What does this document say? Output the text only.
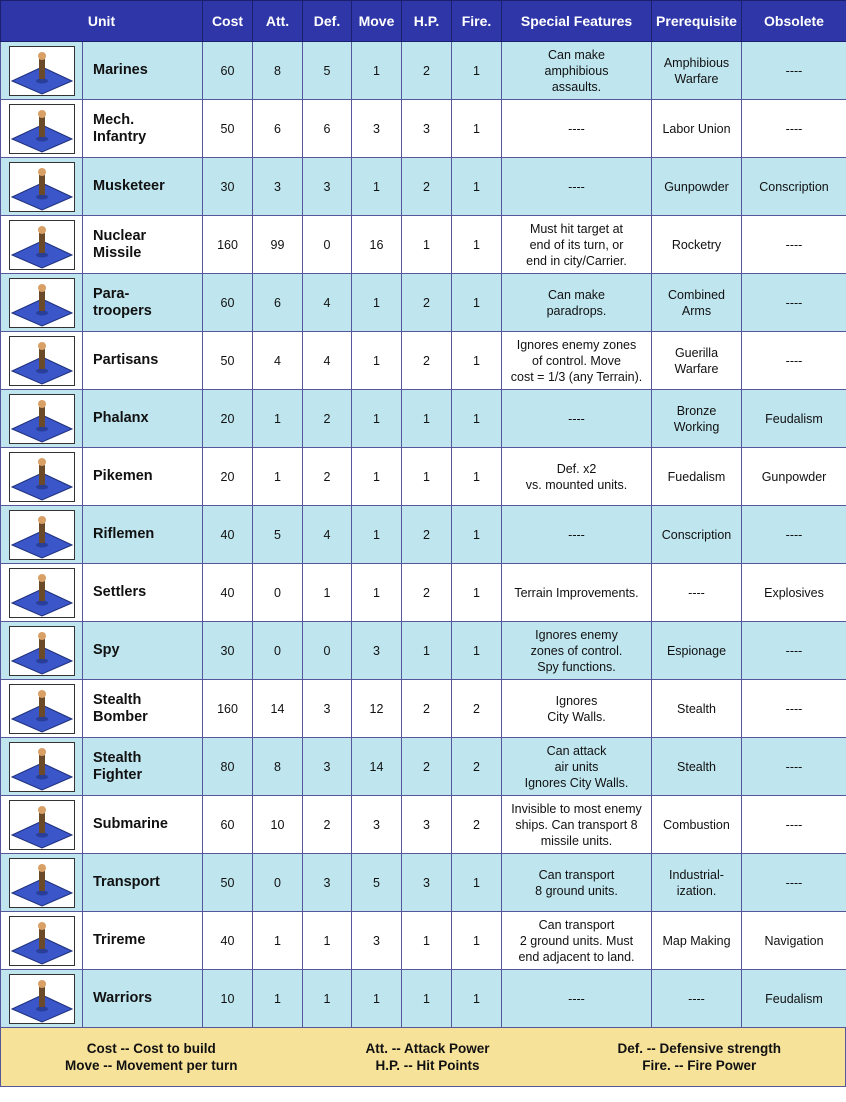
Unit		Cost	Att.	Def.	Move	H.P.	Fire.	Special Features	Prerequisite	Obsolete

	Marines	60	8	5	1	2	1	Can make
amphibious
assaults.	Amphibious
Warfare	----

	Mech.
Infantry	50	6	6	3	3	1	----	Labor Union	----

	Musketeer	30	3	3	1	2	1	----	Gunpowder	Conscription

	Nuclear
Missile	160	99	0	16	1	1	Must hit target at
end of its turn, or
end in city/Carrier.	Rocketry	----

	Para-
troopers	60	6	4	1	2	1	Can make
paradrops.	Combined
Arms	----

	Partisans	50	4	4	1	2	1	Ignores enemy zones
of control. Move
cost = 1/3 (any Terrain).	Guerilla
Warfare	----

	Phalanx	20	1	2	1	1	1	----	Bronze
Working	Feudalism

	Pikemen	20	1	2	1	1	1	Def. x2
vs. mounted units.	Fuedalism	Gunpowder

	Riflemen	40	5	4	1	2	1	----	Conscription	----

	Settlers	40	0	1	1	2	1	Terrain Improvements.	----	Explosives

	Spy	30	0	0	3	1	1	Ignores enemy
zones of control.
Spy functions.	Espionage	----

	Stealth
Bomber	160	14	3	12	2	2	Ignores
City Walls.	Stealth	----

	Stealth
Fighter	80	8	3	14	2	2	Can attack
air units
Ignores City Walls.	Stealth	----

	Submarine	60	10	2	3	3	2	Invisible to most enemy
ships. Can transport 8
missile units.	Combustion	----

	Transport	50	0	3	5	3	1	Can transport
8 ground units.	Industrial-
ization.	----

	Trireme	40	1	1	3	1	1	Can transport
2 ground units. Must
end adjacent to land.	Map Making	Navigation

	Warriors	10	1	1	1	1	1	----	----	Feudalism
Cost -- Cost to build
Move -- Movement per turn
Att. -- Attack Power
H.P. -- Hit Points
Def. -- Defensive strength
Fire. -- Fire Power
